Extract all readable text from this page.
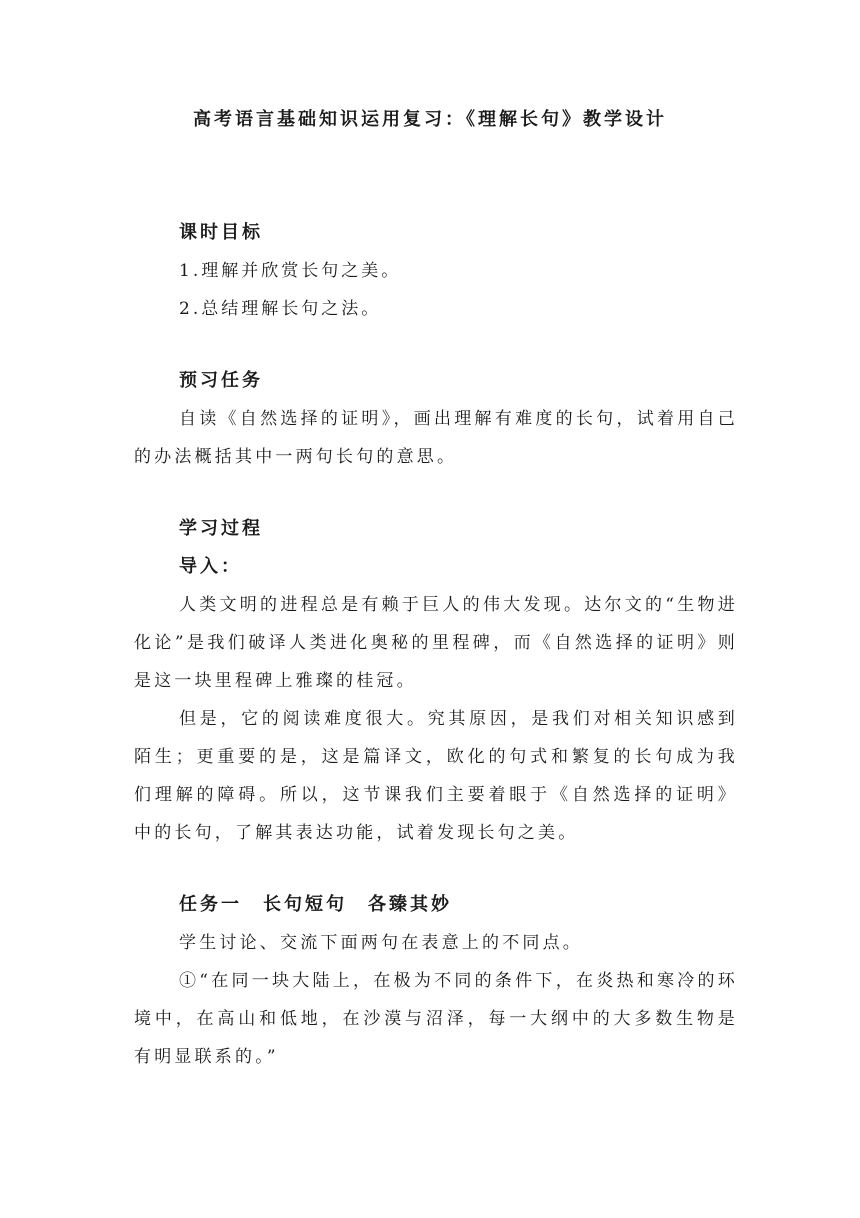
高考语言基础知识运用复习：《理解长句》教学设计

课时目标

1.理解并欣赏长句之美。

2.总结理解长句之法。

预习任务

自读《自然选择的证明》，画出理解有难度的长句，试着用自己的办法概括其中一两句长句的意思。

学习过程

导入：

人类文明的进程总是有赖于巨人的伟大发现。达尔文的“生物进化论”是我们破译人类进化奥秘的里程碑，而《自然选择的证明》则是这一块里程碑上雅璨的桂冠。

但是，它的阅读难度很大。究其原因，是我们对相关知识感到陌生；更重要的是，这是篇译文，欧化的句式和繁复的长句成为我们理解的障碍。所以，这节课我们主要着眼于《自然选择的证明》中的长句，了解其表达功能，试着发现长句之美。

任务一　长句短句　各臻其妙

学生讨论、交流下面两句在表意上的不同点。

①“在同一块大陆上，在极为不同的条件下，在炎热和寒冷的环境中，在高山和低地，在沙漠与沼泽，每一大纲中的大多数生物是有明显联系的。”
